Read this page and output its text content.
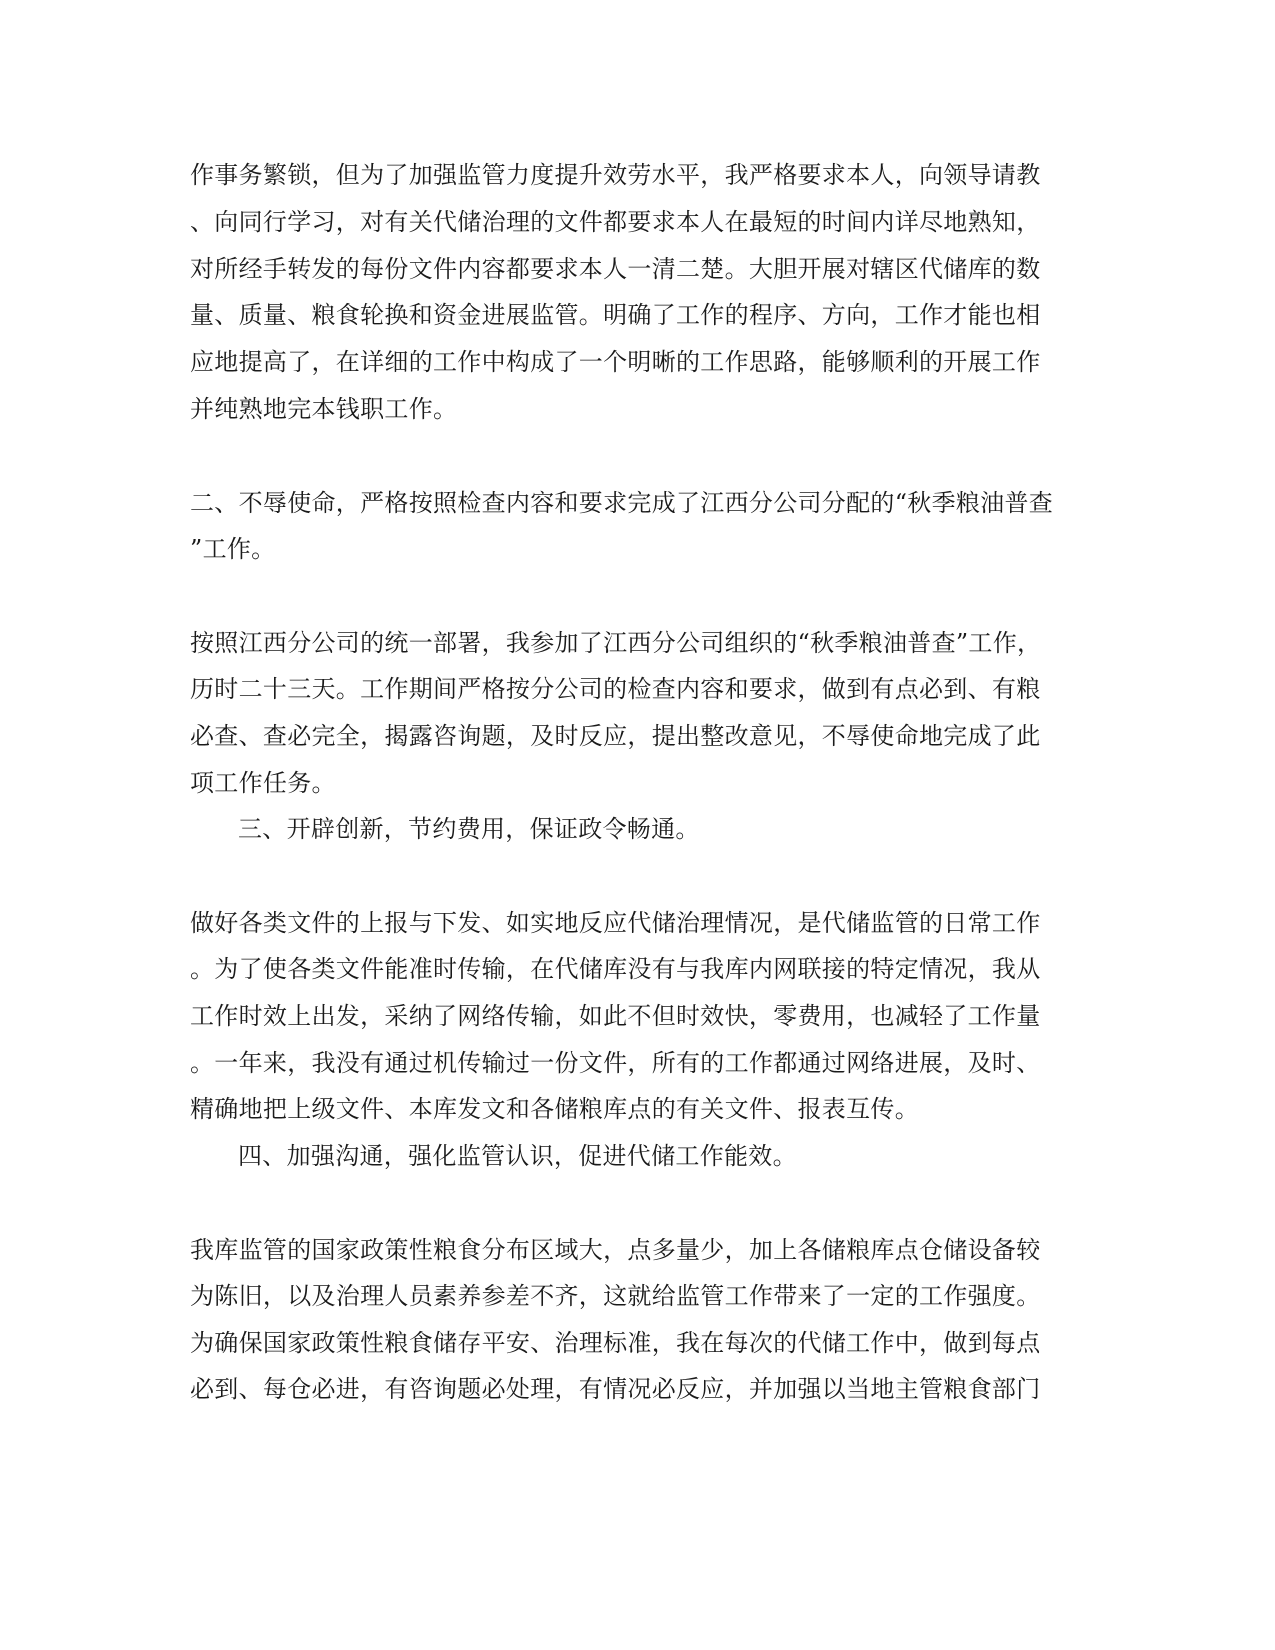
作事务繁锁，但为了加强监管力度提升效劳水平，我严格要求本人，向领导请教
、向同行学习，对有关代储治理的文件都要求本人在最短的时间内详尽地熟知，
对所经手转发的每份文件内容都要求本人一清二楚。大胆开展对辖区代储库的数
量、质量、粮食轮换和资金进展监管。明确了工作的程序、方向，工作才能也相
应地提高了，在详细的工作中构成了一个明晰的工作思路，能够顺利的开展工作
并纯熟地完本钱职工作。
二、不辱使命，严格按照检查内容和要求完成了江西分公司分配的“秋季粮油普查
”工作。
按照江西分公司的统一部署，我参加了江西分公司组织的“秋季粮油普查”工作，
历时二十三天。工作期间严格按分公司的检查内容和要求，做到有点必到、有粮
必查、查必完全，揭露咨询题，及时反应，提出整改意见，不辱使命地完成了此
项工作任务。
三、开辟创新，节约费用，保证政令畅通。
做好各类文件的上报与下发、如实地反应代储治理情况，是代储监管的日常工作
。为了使各类文件能准时传输，在代储库没有与我库内网联接的特定情况，我从
工作时效上出发，采纳了网络传输，如此不但时效快，零费用，也减轻了工作量
。一年来，我没有通过机传输过一份文件，所有的工作都通过网络进展，及时、
精确地把上级文件、本库发文和各储粮库点的有关文件、报表互传。
四、加强沟通，强化监管认识，促进代储工作能效。
我库监管的国家政策性粮食分布区域大，点多量少，加上各储粮库点仓储设备较
为陈旧，以及治理人员素养参差不齐，这就给监管工作带来了一定的工作强度。
为确保国家政策性粮食储存平安、治理标准，我在每次的代储工作中，做到每点
必到、每仓必进，有咨询题必处理，有情况必反应，并加强以当地主管粮食部门
